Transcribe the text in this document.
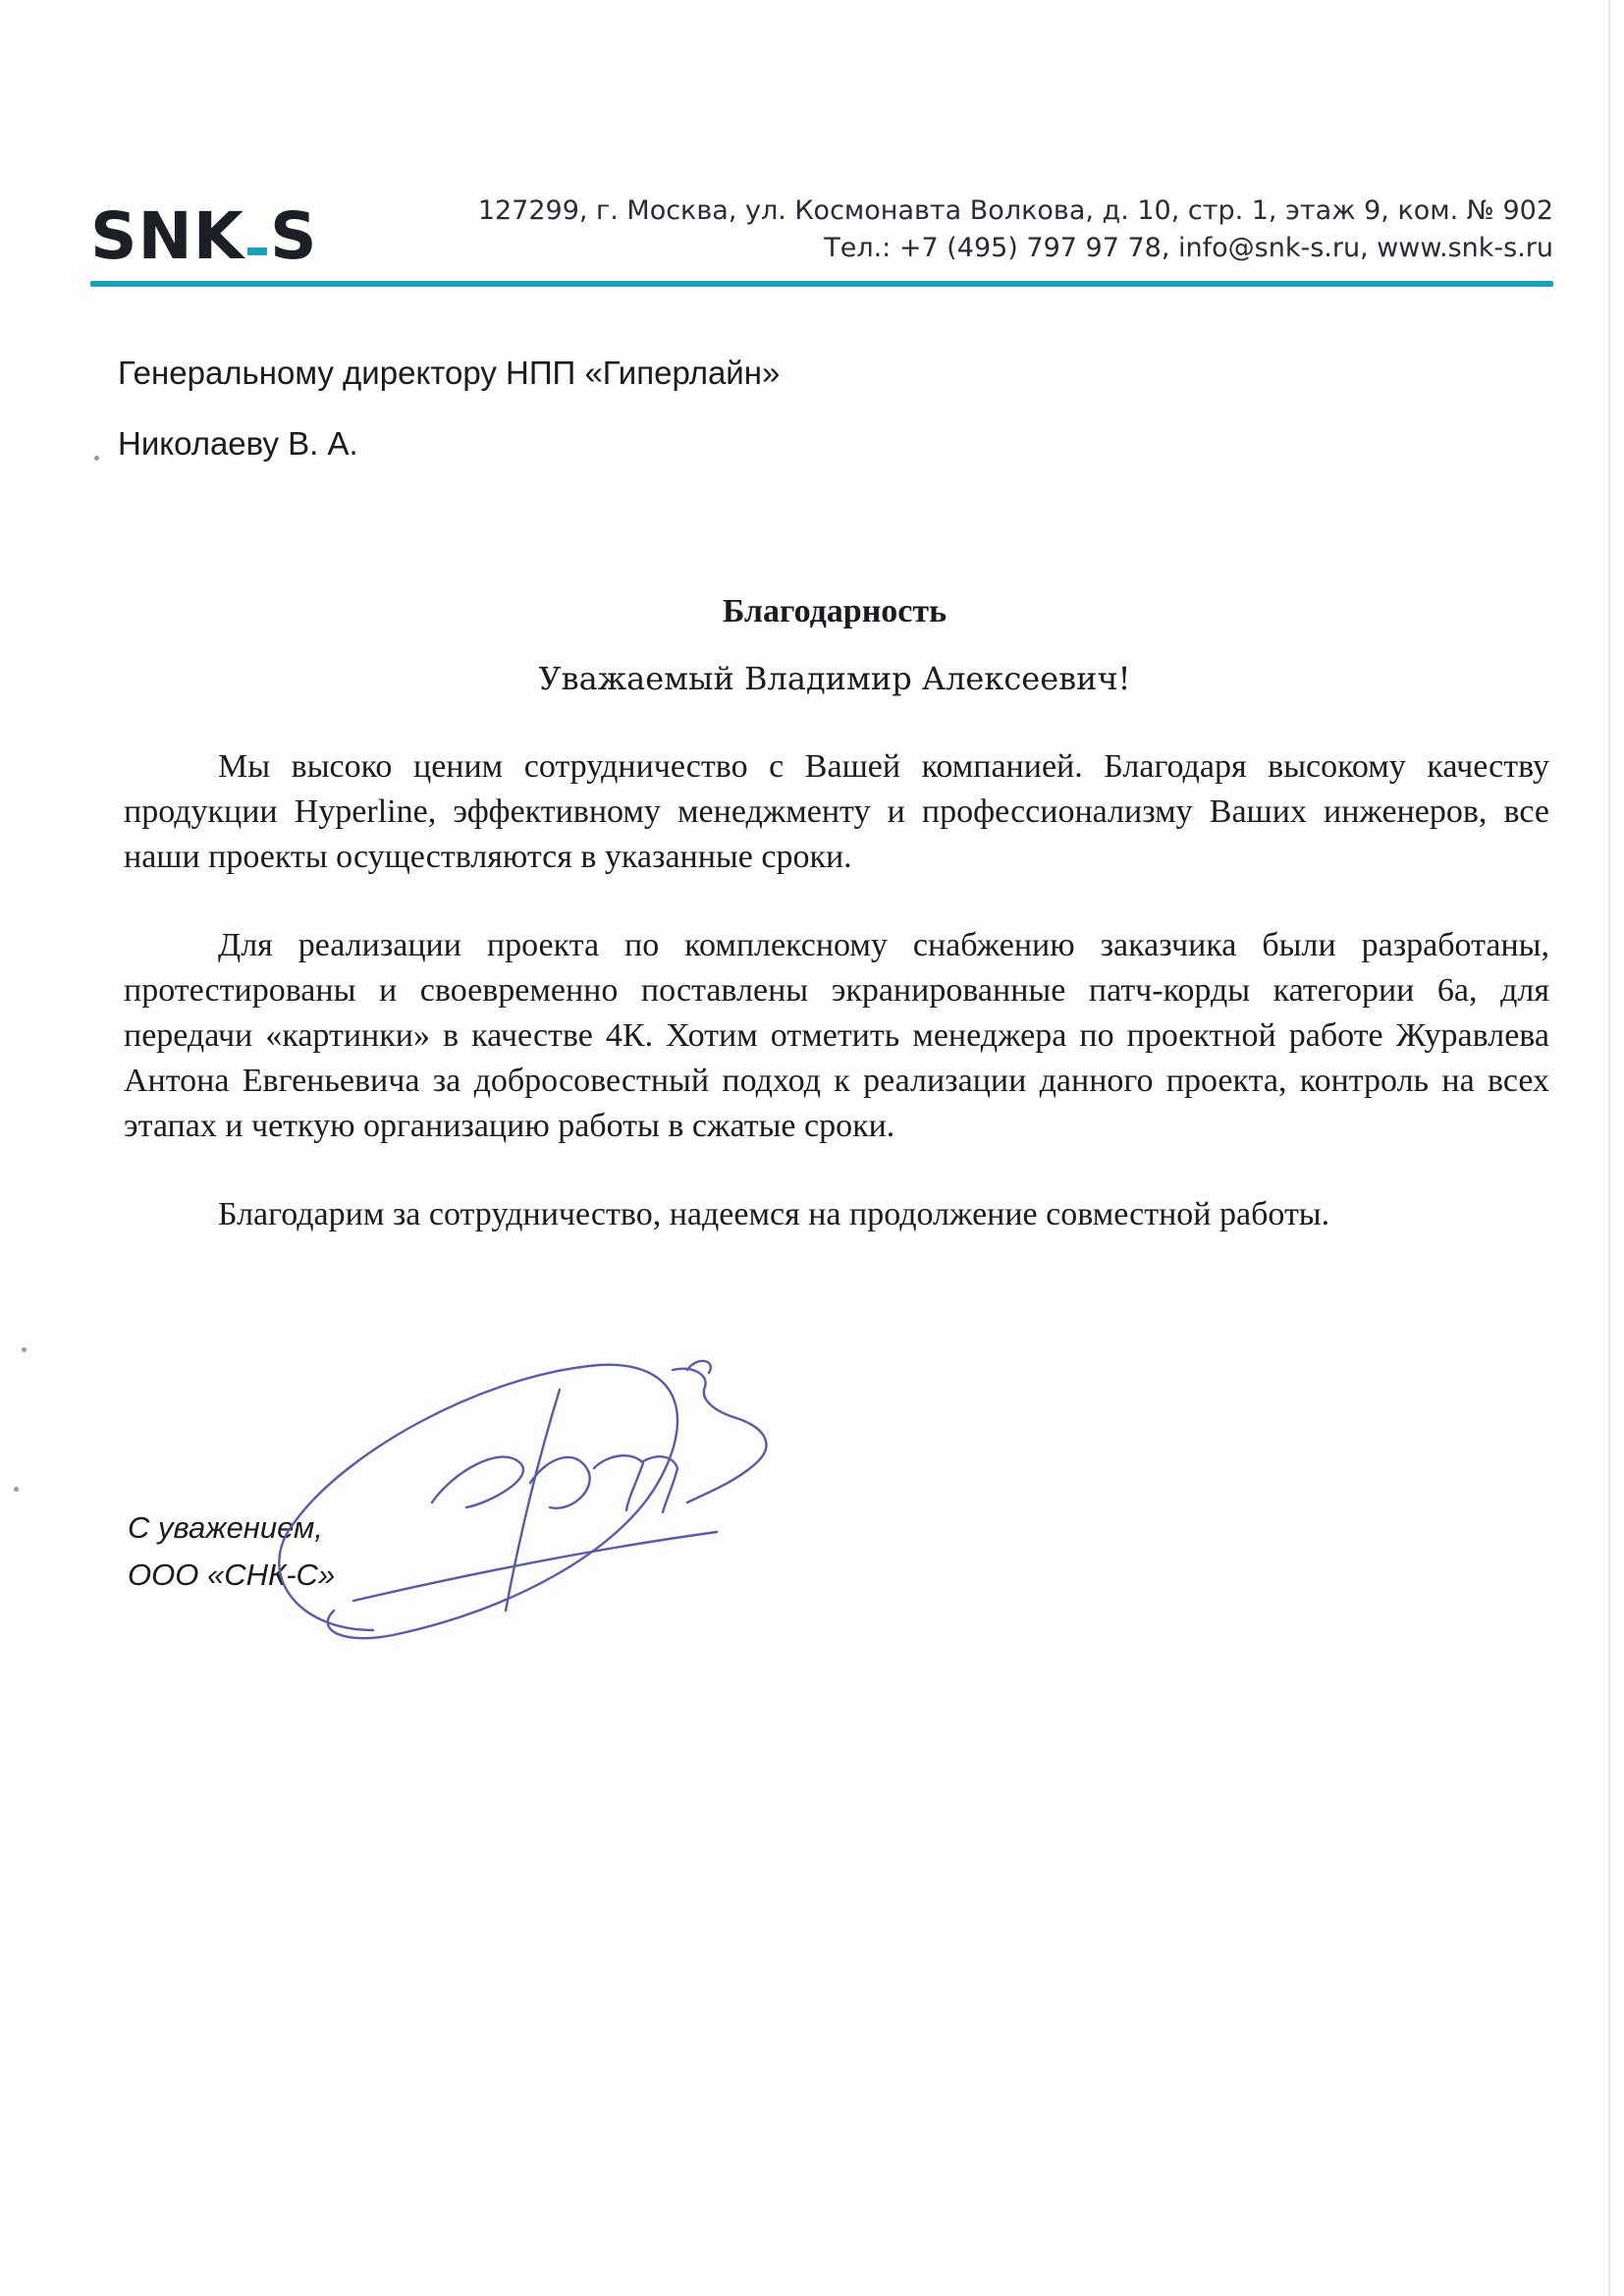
SNK S	127299, г. Москва, ул. Космонавта Волкова, д. 10, стр. 1, этаж 9, ком. № 902
Тел.: +7 (495) 797 97 78, info@snk-s.ru, www.snk-s.ru
Генеральному директору НПП «Гиперлайн»
Николаеву В. А.
Благодарность
Уважаемый Владимир Алексеевич!

Мы высоко ценим сотрудничество с Вашей компанией. Благодаря высокому качеству продукции Hyperline, эффективному менеджменту и профессионализму Ваших инженеров, все наши проекты осуществляются в указанные сроки.

Для реализации проекта по комплексному снабжению заказчика были разработаны, протестированы и своевременно поставлены экранированные патч-корды категории 6а, для передачи «картинки» в качестве 4К. Хотим отметить менеджера по проектной работе Журавлева Антона Евгеньевича за добросовестный подход к реализации данного проекта, контроль на всех этапах и четкую организацию работы в сжатые сроки.

Благодарим за сотрудничество, надеемся на продолжение совместной работы.

С уважением,
ООО «СНК-С»
